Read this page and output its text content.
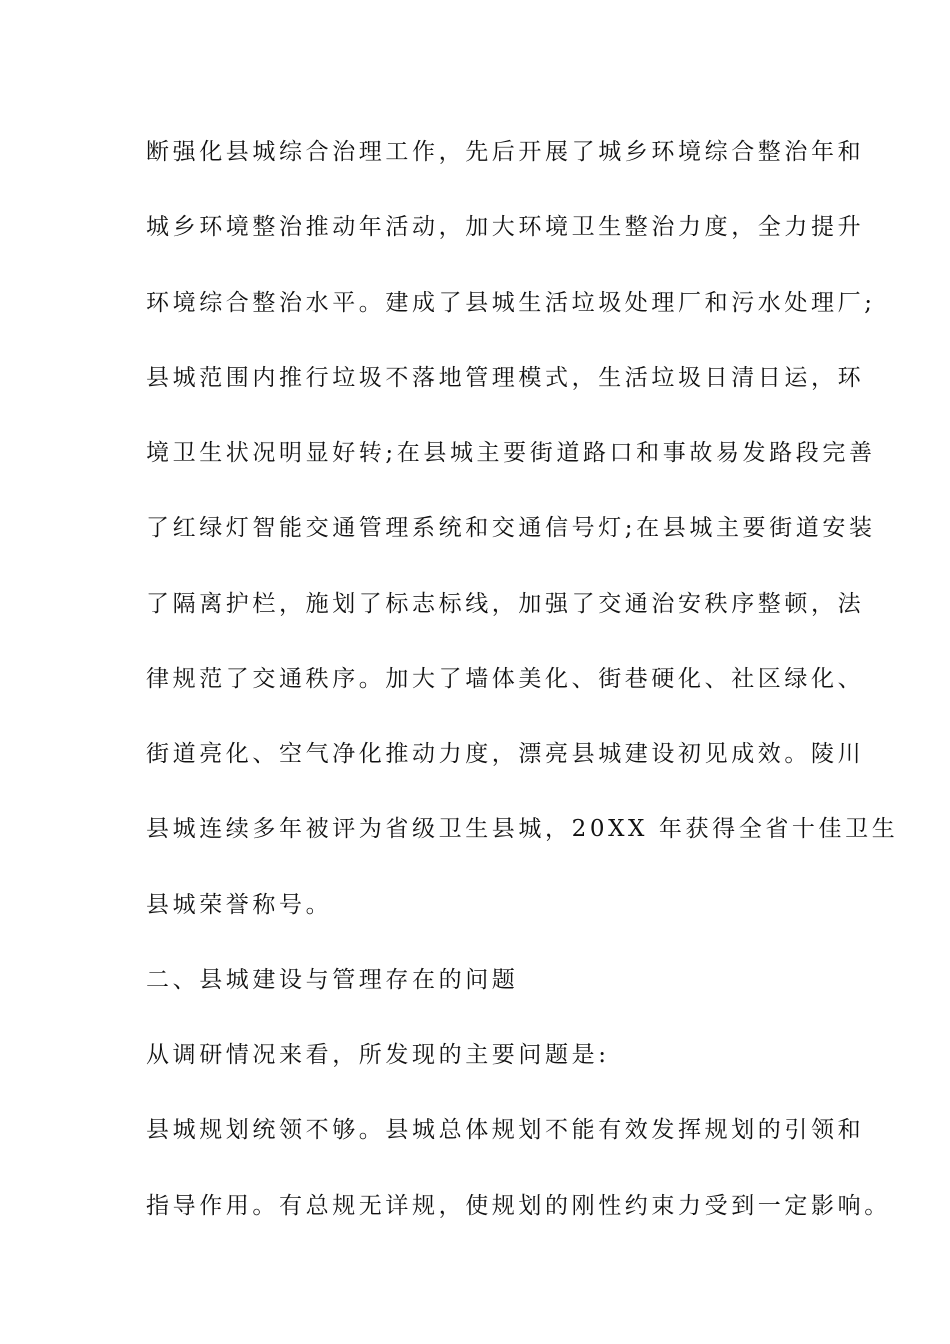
断强化县城综合治理工作，先后开展了城乡环境综合整治年和
城乡环境整治推动年活动，加大环境卫生整治力度，全力提升
环境综合整治水平。建成了县城生活垃圾处理厂和污水处理厂;
县城范围内推行垃圾不落地管理模式，生活垃圾日清日运，环
境卫生状况明显好转;在县城主要街道路口和事故易发路段完善
了红绿灯智能交通管理系统和交通信号灯;在县城主要街道安装
了隔离护栏，施划了标志标线，加强了交通治安秩序整顿，法
律规范了交通秩序。加大了墙体美化、街巷硬化、社区绿化、
街道亮化、空气净化推动力度，漂亮县城建设初见成效。陵川
县城连续多年被评为省级卫生县城，20XX 年获得全省十佳卫生
县城荣誉称号。
二、县城建设与管理存在的问题
从调研情况来看，所发现的主要问题是:
县城规划统领不够。县城总体规划不能有效发挥规划的引领和
指导作用。有总规无详规，使规划的刚性约束力受到一定影响。
